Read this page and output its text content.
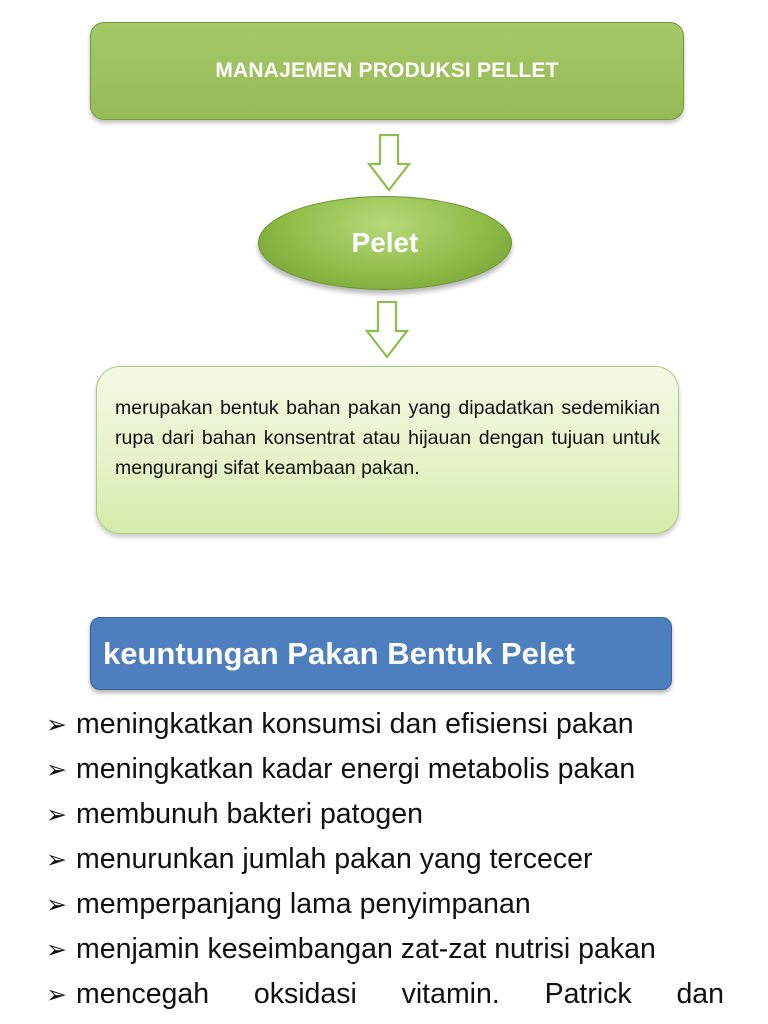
MANAJEMEN PRODUKSI PELLET
Pelet

merupakan bentuk bahan pakan yang dipadatkan sedemikian rupa dari bahan konsentrat atau hijauan dengan tujuan untuk mengurangi sifat keambaan pakan.

keuntungan Pakan Bentuk Pelet
➢ meningkatkan konsumsi dan efisiensi pakan
➢ meningkatkan kadar energi metabolis pakan
➢ membunuh bakteri patogen
➢ menurunkan jumlah pakan yang tercecer
➢ memperpanjang lama penyimpanan
➢ menjamin keseimbangan zat-zat nutrisi pakan
➢ mencegah oksidasi vitamin. Patrick dan
